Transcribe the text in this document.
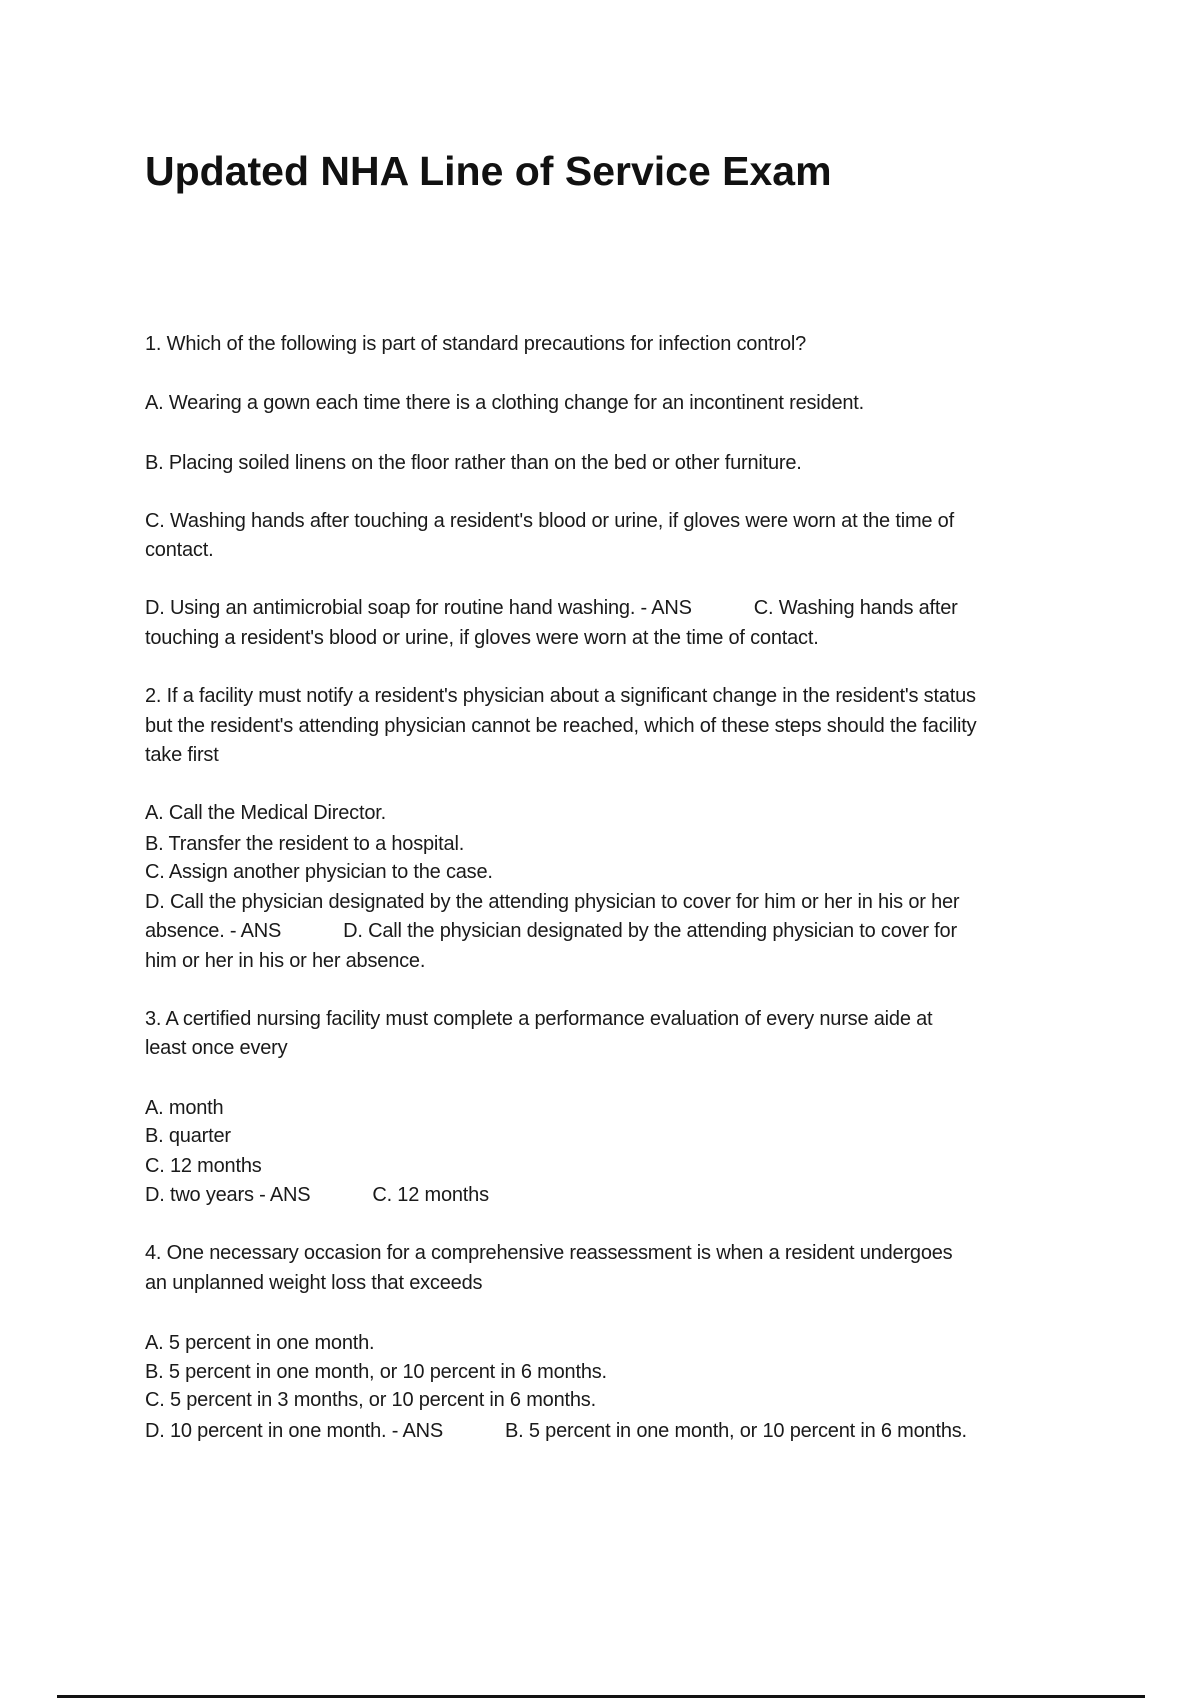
Updated NHA Line of Service Exam
1. Which of the following is part of standard precautions for infection control?
A. Wearing a gown each time there is a clothing change for an incontinent resident.
B. Placing soiled linens on the floor rather than on the bed or other furniture.
C. Washing hands after touching a resident's blood or urine, if gloves were worn at the time of
contact.
D. Using an antimicrobial soap for routine hand washing. - ANS	C. Washing hands after
touching a resident's blood or urine, if gloves were worn at the time of contact.
2. If a facility must notify a resident's physician about a significant change in the resident's status
but the resident's attending physician cannot be reached, which of these steps should the facility
take first
A. Call the Medical Director.
B. Transfer the resident to a hospital.
C. Assign another physician to the case.
D. Call the physician designated by the attending physician to cover for him or her in his or her
absence. - ANS	D. Call the physician designated by the attending physician to cover for
him or her in his or her absence.
3. A certified nursing facility must complete a performance evaluation of every nurse aide at
least once every
A. month
B. quarter
C. 12 months
D. two years - ANS	C. 12 months
4. One necessary occasion for a comprehensive reassessment is when a resident undergoes
an unplanned weight loss that exceeds
A. 5 percent in one month.
B. 5 percent in one month, or 10 percent in 6 months.
C. 5 percent in 3 months, or 10 percent in 6 months.
D. 10 percent in one month. - ANS	B. 5 percent in one month, or 10 percent in 6 months.
